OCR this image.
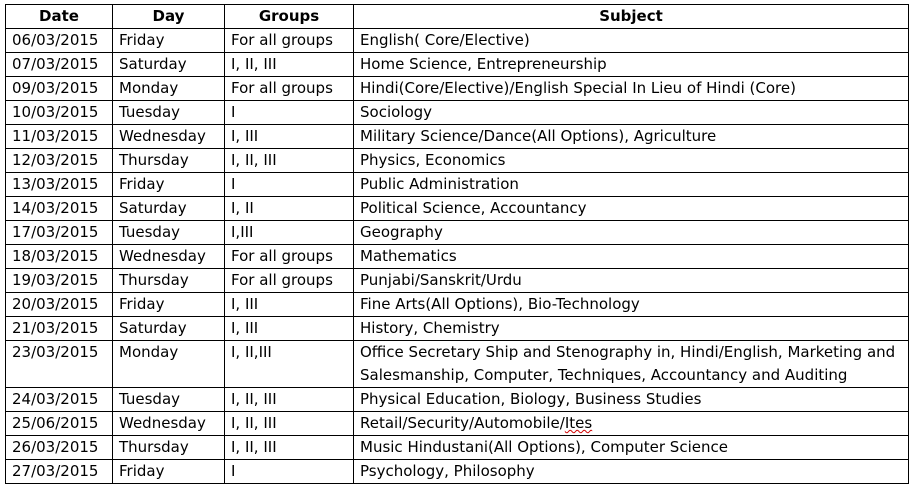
Date	Day	Groups	Subject
06/03/2015	Friday	For all groups	English( Core/Elective)
07/03/2015	Saturday	I, II, III	Home Science, Entrepreneurship
09/03/2015	Monday	For all groups	Hindi(Core/Elective)/English Special In Lieu of Hindi (Core)
10/03/2015	Tuesday	I	Sociology
11/03/2015	Wednesday	I, III	Military Science/Dance(All Options), Agriculture
12/03/2015	Thursday	I, II, III	Physics, Economics
13/03/2015	Friday	I	Public Administration
14/03/2015	Saturday	I, II	Political Science, Accountancy
17/03/2015	Tuesday	I,III	Geography
18/03/2015	Wednesday	For all groups	Mathematics
19/03/2015	Thursday	For all groups	Punjabi/Sanskrit/Urdu
20/03/2015	Friday	I, III	Fine Arts(All Options), Bio-Technology
21/03/2015	Saturday	I, III	History, Chemistry
23/03/2015	Monday	I, II,III	Office Secretary Ship and Stenography in, Hindi/English, Marketing and Salesmanship, Computer, Techniques, Accountancy and Auditing
24/03/2015	Tuesday	I, II, III	Physical Education, Biology, Business Studies
25/06/2015	Wednesday	I, II, III	Retail/Security/Automobile/Ites
26/03/2015	Thursday	I, II, III	Music Hindustani(All Options), Computer Science
27/03/2015	Friday	I	Psychology, Philosophy
